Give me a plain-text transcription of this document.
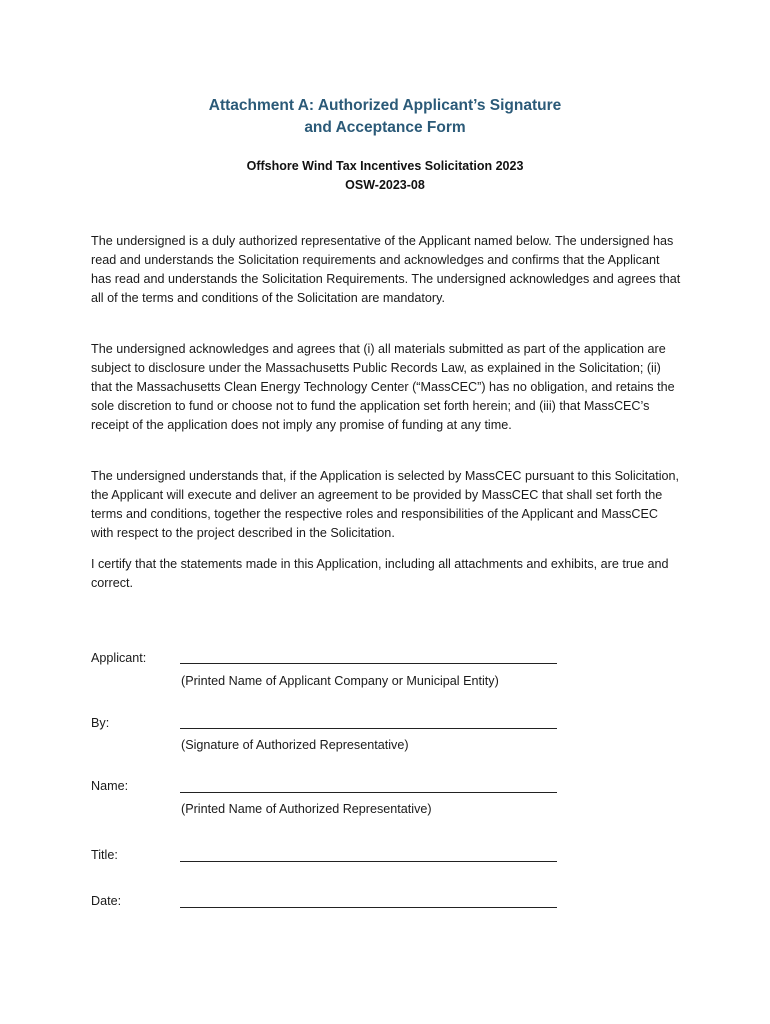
Attachment A: Authorized Applicant’s Signature
and Acceptance Form
Offshore Wind Tax Incentives Solicitation 2023
OSW-2023-08
The undersigned is a duly authorized representative of the Applicant named below. The undersigned has read and understands the Solicitation requirements and acknowledges and confirms that the Applicant has read and understands the Solicitation Requirements. The undersigned acknowledges and agrees that all of the terms and conditions of the Solicitation are mandatory.
The undersigned acknowledges and agrees that (i) all materials submitted as part of the application are subject to disclosure under the Massachusetts Public Records Law, as explained in the Solicitation; (ii) that the Massachusetts Clean Energy Technology Center (“MassCEC”) has no obligation, and retains the sole discretion to fund or choose not to fund the application set forth herein; and (iii) that MassCEC’s receipt of the application does not imply any promise of funding at any time.
The undersigned understands that, if the Application is selected by MassCEC pursuant to this Solicitation, the Applicant will execute and deliver an agreement to be provided by MassCEC that shall set forth the terms and conditions, together the respective roles and responsibilities of the Applicant and MassCEC with respect to the project described in the Solicitation.
I certify that the statements made in this Application, including all attachments and exhibits, are true and correct.
Applicant:
(Printed Name of Applicant Company or Municipal Entity)
By:
(Signature of Authorized Representative)
Name:
(Printed Name of Authorized Representative)
Title:
Date:
